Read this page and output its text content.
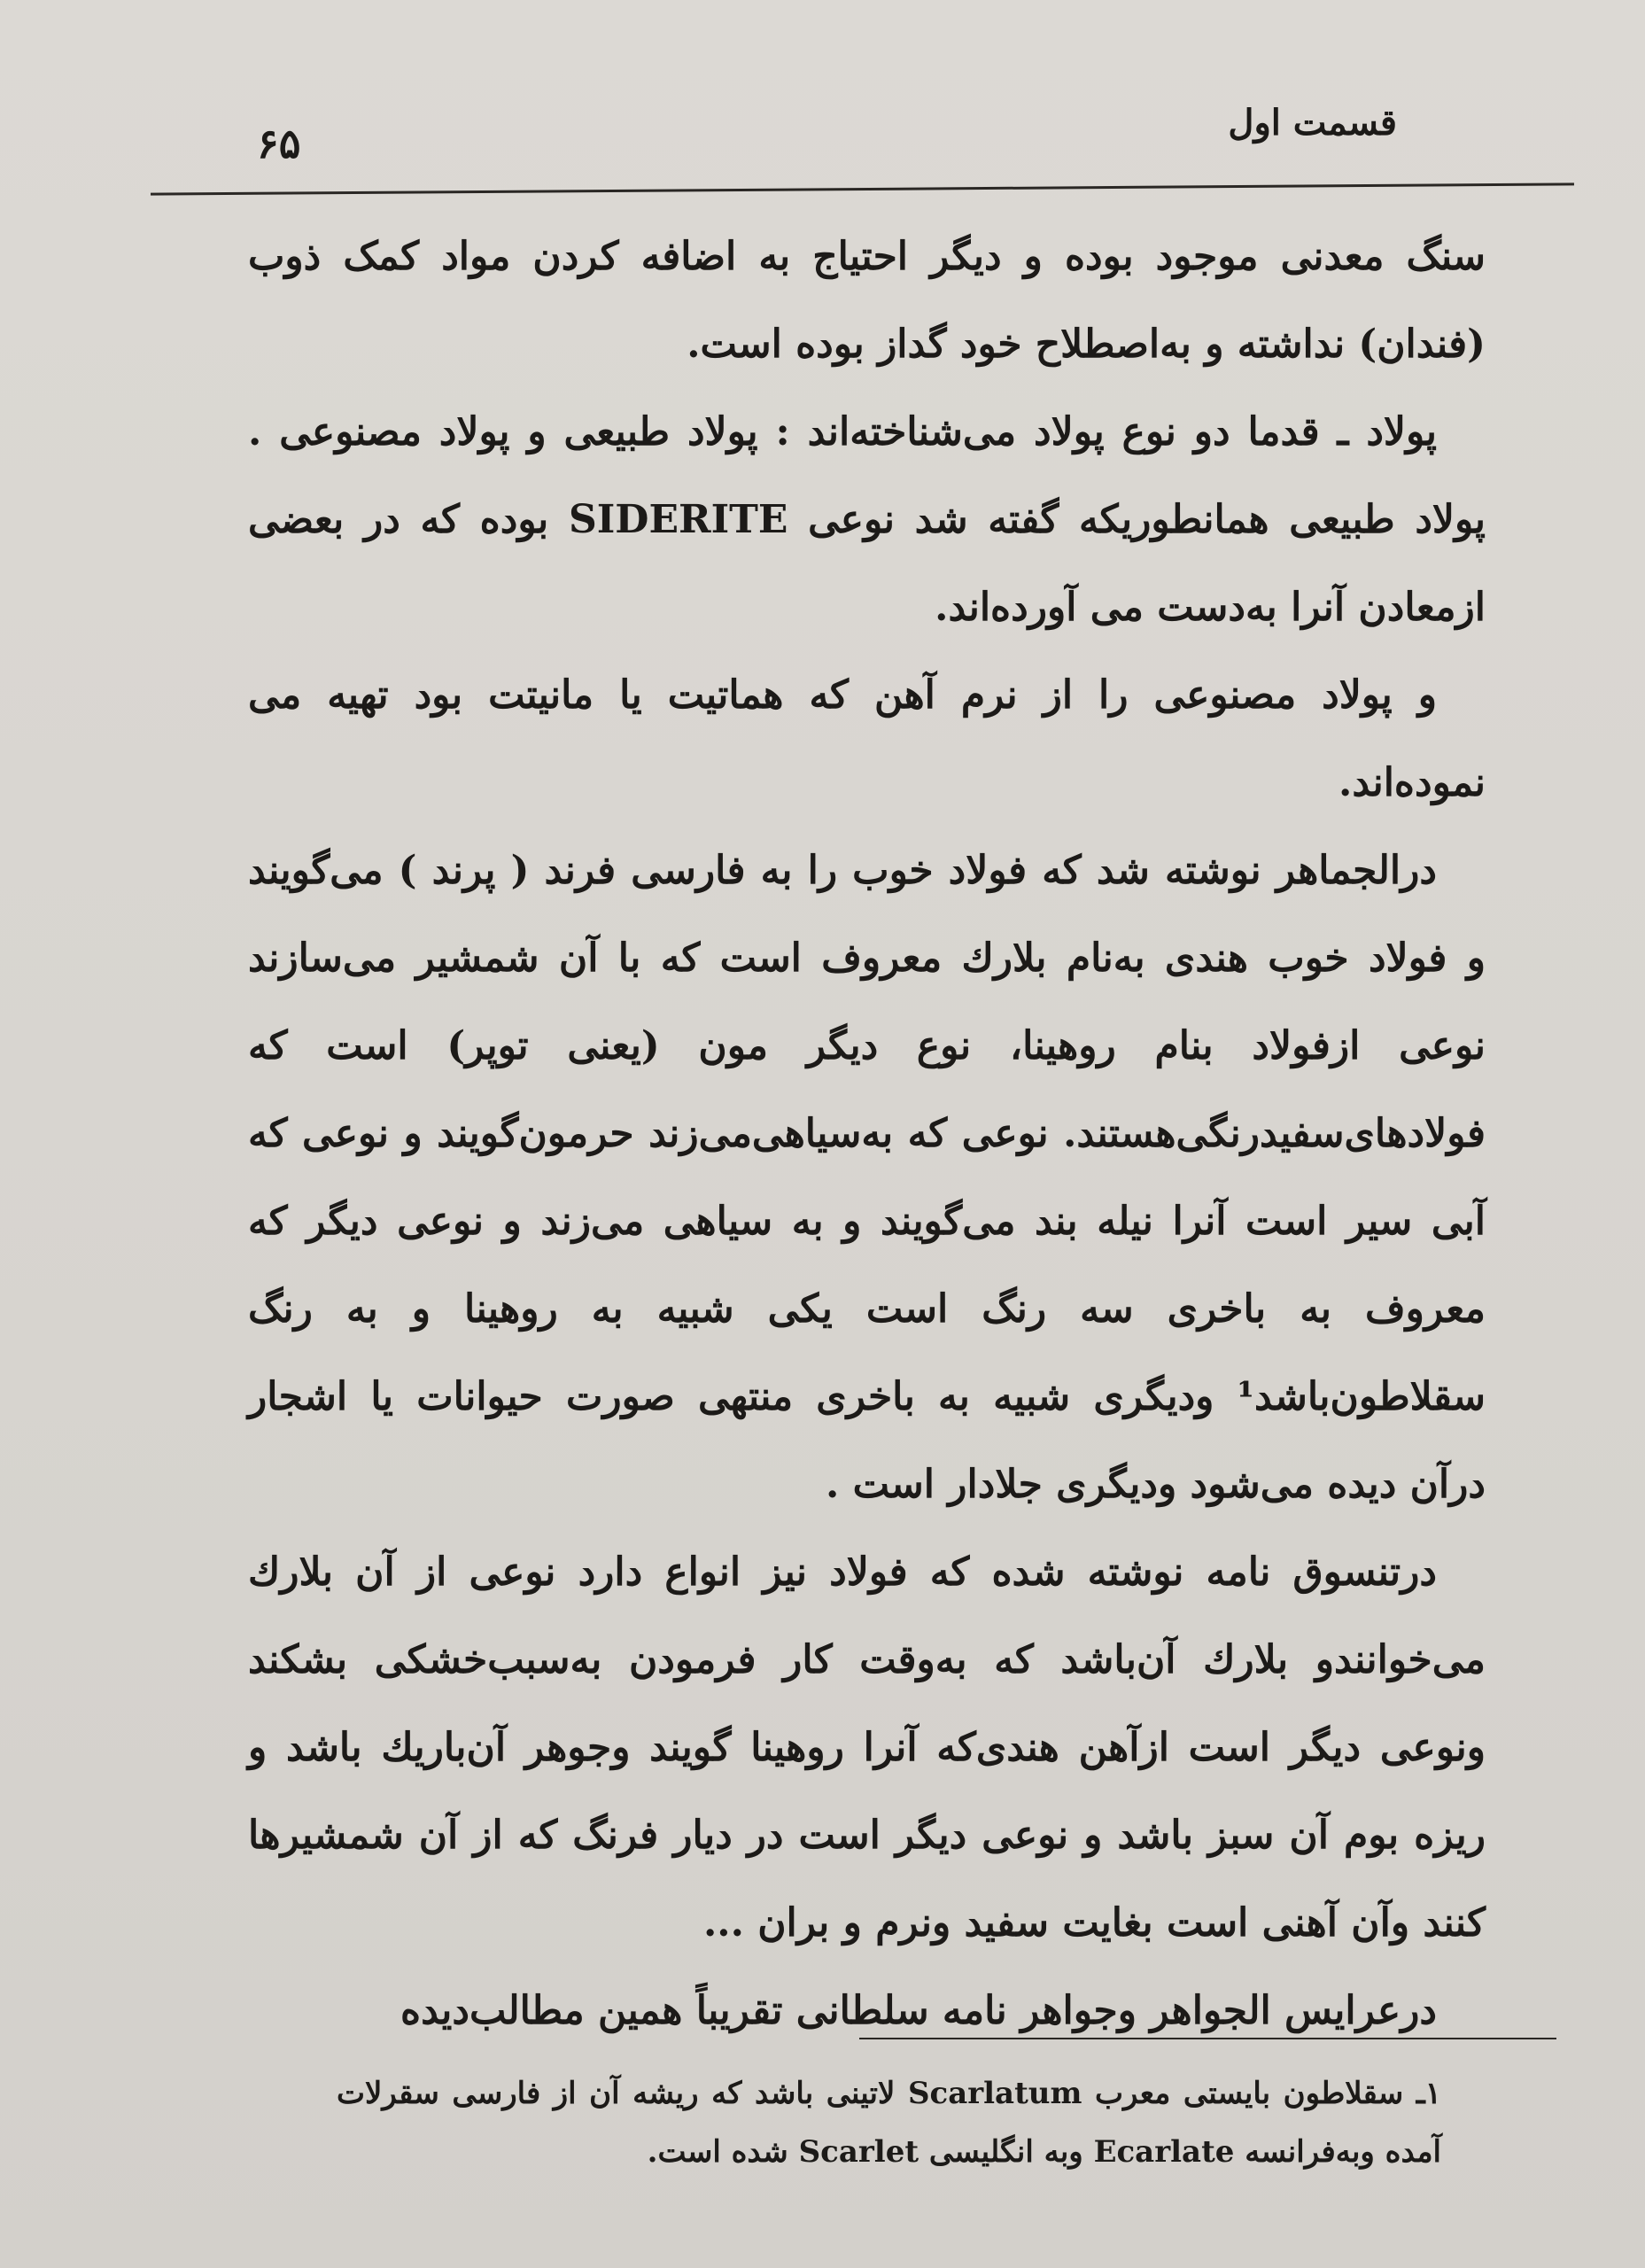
قسمت اول
۶۵

سنگ معدنی موجود بوده و دیگر احتیاج به اضافه کردن مواد کمک ذوب (فندان) نداشته و به‌اصطلاح خود گداز بوده است.

پولاد ـ قدما دو نوع پولاد می‌شناخته‌اند : پولاد طبیعی و پولاد مصنوعی . پولاد طبیعی همانطوریکه گفته شد نوعی SIDERITE بوده که در بعضی ازمعادن آنرا به‌دست می آورده‌اند.

و پولاد مصنوعی را از نرم آهن که هماتیت یا مانیتت بود تهیه می نموده‌اند.

درالجماهر نوشته شد که فولاد خوب را به فارسی فرند ( پرند ) می‌گویند و فولاد خوب هندی به‌نام بلارك معروف است که با آن شمشیر می‌سازند نوعی ازفولاد بنام روهینا، نوع دیگر مون (یعنی توپر) است که فولادهای‌سفیدرنگی‌هستند. نوعی که به‌سیاهی‌می‌زند حرمون‌گویند و نوعی که آبی سیر است آنرا نیله بند می‌گویند و به سیاهی می‌زند و نوعی دیگر که معروف به باخری سه رنگ است یکی شبیه به روهینا و به رنگ سقلاطون‌باشد¹ ودیگری شبیه به باخری منتهی صورت حیوانات یا اشجار درآن دیده می‌شود ودیگری جلادار است .

درتنسوق نامه نوشته شده که فولاد نیز انواع دارد نوعی از آن بلارك می‌خوانندو بلارك آن‌باشد که به‌وقت کار فرمودن به‌سبب‌خشکی بشکند ونوعی دیگر است ازآهن هندی‌که آنرا روهینا گویند وجوهر آن‌باریك باشد و ریزه بوم آن سبز باشد و نوعی دیگر است در دیار فرنگ که از آن شمشیرها کنند وآن آهنی است بغایت سفید ونرم و بران ...

درعرایس الجواهر وجواهر نامه سلطانی تقریباً همین مطالب‌دیده

۱ـ سقلاطون بایستی معرب Scarlatum لاتینی باشد که ریشه آن از فارسی سقرلات آمده وبه‌فرانسه Ecarlate وبه انگلیسی Scarlet شده است.
